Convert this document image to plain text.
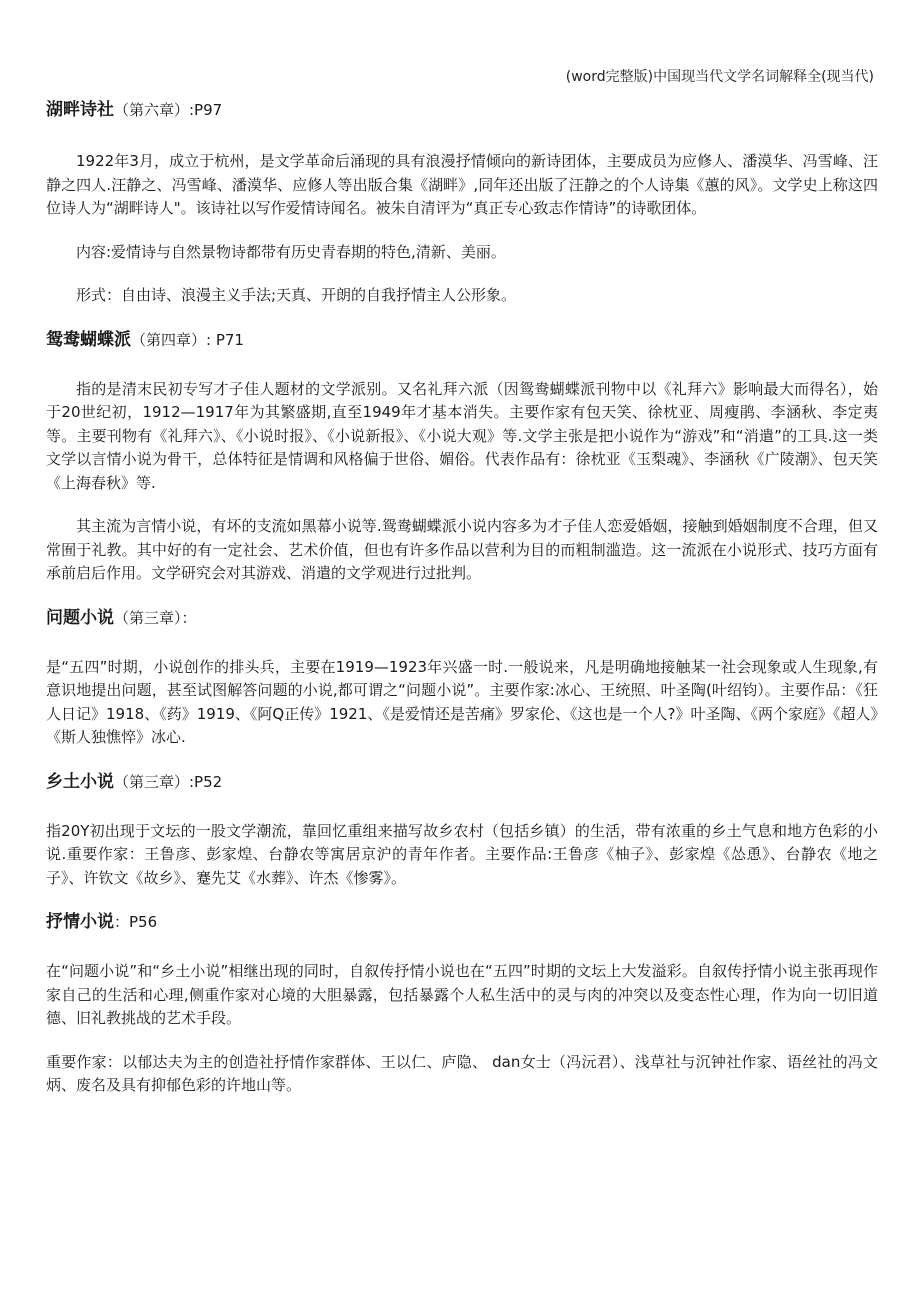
(word完整版)中国现当代文学名词解释全(现当代)
湖畔诗社（第六章）:P97

1922年3月，成立于杭州，是文学革命后涌现的具有浪漫抒情倾向的新诗团体，主要成员为应修人、潘漠华、冯雪峰、汪静之四人.汪静之、冯雪峰、潘漠华、应修人等出版合集《湖畔》,同年还出版了汪静之的个人诗集《蕙的风》。文学史上称这四位诗人为“湖畔诗人"。该诗社以写作爱情诗闻名。被朱自清评为“真正专心致志作情诗”的诗歌团体。

内容:爱情诗与自然景物诗都带有历史青春期的特色,清新、美丽。

形式：自由诗、浪漫主义手法;天真、开朗的自我抒情主人公形象。

鸳鸯蝴蝶派（第四章）: P71

指的是清末民初专写才子佳人题材的文学派别。又名礼拜六派（因鸳鸯蝴蝶派刊物中以《礼拜六》影响最大而得名），始于20世纪初，1912—1917年为其繁盛期,直至1949年才基本消失。主要作家有包天笑、徐枕亚、周瘦鹃、李涵秋、李定夷等。主要刊物有《礼拜六》、《小说时报》、《小说新报》、《小说大观》等.文学主张是把小说作为“游戏”和“消遣”的工具.这一类文学以言情小说为骨干，总体特征是情调和风格偏于世俗、媚俗。代表作品有：徐枕亚《玉梨魂》、李涵秋《广陵潮》、包天笑《上海春秋》等.

其主流为言情小说，有坏的支流如黑幕小说等.鸳鸯蝴蝶派小说内容多为才子佳人恋爱婚姻，接触到婚姻制度不合理，但又常囿于礼教。其中好的有一定社会、艺术价值，但也有许多作品以营利为目的而粗制滥造。这一流派在小说形式、技巧方面有承前启后作用。文学研究会对其游戏、消遣的文学观进行过批判。

问题小说（第三章）：

是“五四”时期，小说创作的排头兵，主要在1919—1923年兴盛一时.一般说来，凡是明确地接触某一社会现象或人生现象,有意识地提出问题，甚至试图解答问题的小说,都可谓之“问题小说”。主要作家:冰心、王统照、叶圣陶(叶绍钧）。主要作品：《狂人日记》1918、《药》1919、《阿Q正传》1921、《是爱情还是苦痛》罗家伦、《这也是一个人?》叶圣陶、《两个家庭》《超人》《斯人独憔悴》冰心.

乡土小说（第三章）:P52

指20Y初出现于文坛的一股文学潮流，靠回忆重组来描写故乡农村（包括乡镇）的生活，带有浓重的乡土气息和地方色彩的小说.重要作家：王鲁彦、彭家煌、台静农等寓居京沪的青年作者。主要作品:王鲁彦《柚子》、彭家煌《怂恿》、台静农《地之子》、许钦文《故乡》、蹇先艾《水葬》、许杰《惨雾》。

抒情小说：P56

在“问题小说”和“乡土小说”相继出现的同时，自叙传抒情小说也在“五四”时期的文坛上大发溢彩。自叙传抒情小说主张再现作家自己的生活和心理,侧重作家对心境的大胆暴露，包括暴露个人私生活中的灵与肉的冲突以及变态性心理，作为向一切旧道德、旧礼教挑战的艺术手段。

重要作家：以郁达夫为主的创造社抒情作家群体、王以仁、庐隐、 dan女士（冯沅君）、浅草社与沉钟社作家、语丝社的冯文炳、废名及具有抑郁色彩的许地山等。
